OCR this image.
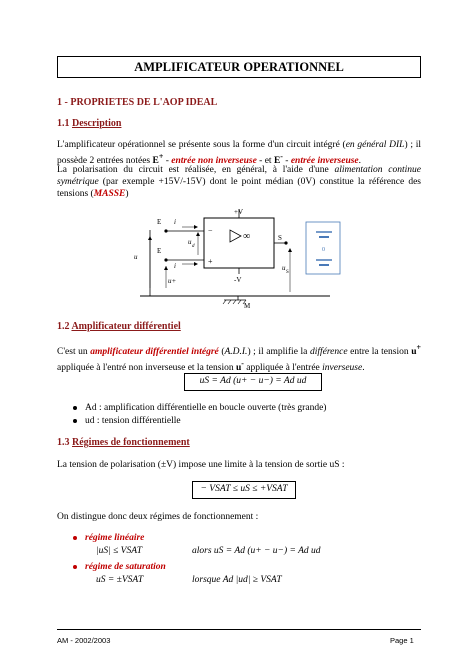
AMPLIFICATEUR OPERATIONNEL
1 - PROPRIETES DE L'AOP IDEAL
1.1 Description
L'amplificateur opérationnel se présente sous la forme d'un circuit intégré (en général DIL) ; il possède 2 entrées notées E+ - entrée non inverseuse - et E- - entrée inverseuse.
La polarisation du circuit est réalisée, en général, à l'aide d'une alimentation continue symétrique (par exemple +15V/-15V) dont le point médian (0V) constitue la référence des tensions (MASSE)
+V
-V
−
+
∞
E
E
i
i
u
d
u
u+
S
u
S
M
0
1.2 Amplificateur différentiel
C'est un amplificateur différentiel intégré (A.D.I.) ; il amplifie la différence entre la tension u+ appliquée à l'entré non inverseuse et la tension u- appliquée à l'entrée inverseuse.
uS = Ad (u+ − u−) = Ad ud
Ad : amplification différentielle en boucle ouverte (très grande)
ud : tension différentielle
1.3 Régimes de fonctionnement
La tension de polarisation (±V) impose une limite à la tension de sortie uS :
− VSAT ≤ uS ≤ +VSAT
On distingue donc deux régimes de fonctionnement :
régime linéaire
|uS| ≤ VSAT	alors uS = Ad (u+ − u−) = Ad ud
régime de saturation
uS = ±VSAT	lorsque Ad |ud| ≥ VSAT
AM - 2002/2003	Page 1
